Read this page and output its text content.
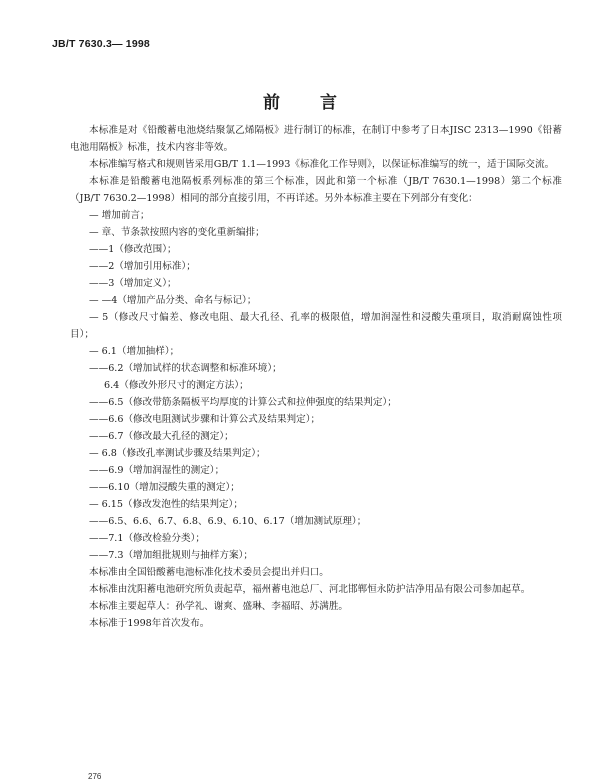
JB/T 7630.3— 1998
前言

本标准是对《铅酸蓄电池烧结聚氯乙烯隔板》进行制订的标准，在制订中参考了日本JISC 2313—1990《铅蓄电池用隔板》标准，技术内容非等效。

本标准编写格式和规则皆采用GB/T 1.1—1993《标准化工作导则》，以保证标准编写的统一，适于国际交流。

本标准是铅酸蓄电池隔板系列标准的第三个标准，因此和第一个标准（JB/T 7630.1—1998）第二个标准（JB/T 7630.2—1998）相同的部分直接引用，不再详述。另外本标准主要在下列部分有变化：

— 增加前言；

— 章、节条款按照内容的变化重新编排；

——1（修改范围）；

——2（增加引用标准）；

——3（增加定义）；

— —4（增加产品分类、命名与标记）；

— 5（修改尺寸偏差、修改电阻、最大孔径、孔率的极限值，增加润湿性和浸酸失重项目，取消耐腐蚀性项目）；

— 6.1（增加抽样）；

——6.2（增加试样的状态调整和标准环境）；

6.4（修改外形尺寸的测定方法）；

——6.5（修改带筋条隔板平均厚度的计算公式和拉伸强度的结果判定）；

——6.6（修改电阻测试步骤和计算公式及结果判定）；

——6.7（修改最大孔径的测定）；

— 6.8（修改孔率测试步骤及结果判定）；

——6.9（增加润湿性的测定）；

——6.10（增加浸酸失重的测定）；

— 6.15（修改发泡性的结果判定）；

——6.5、6.6、6.7、6.8、6.9、6.10、6.17（增加测试原理）；

——7.1（修改检验分类）；

——7.3（增加组批规则与抽样方案）；

本标准由全国铅酸蓄电池标准化技术委员会提出并归口。

本标准由沈阳蓄电池研究所负责起草，福州蓄电池总厂、河北邯郸恒永防护洁净用品有限公司参加起草。

本标准主要起草人：孙学礼、谢爽、盛琳、李福昭、苏满胜。

本标准于1998年首次发布。

276
